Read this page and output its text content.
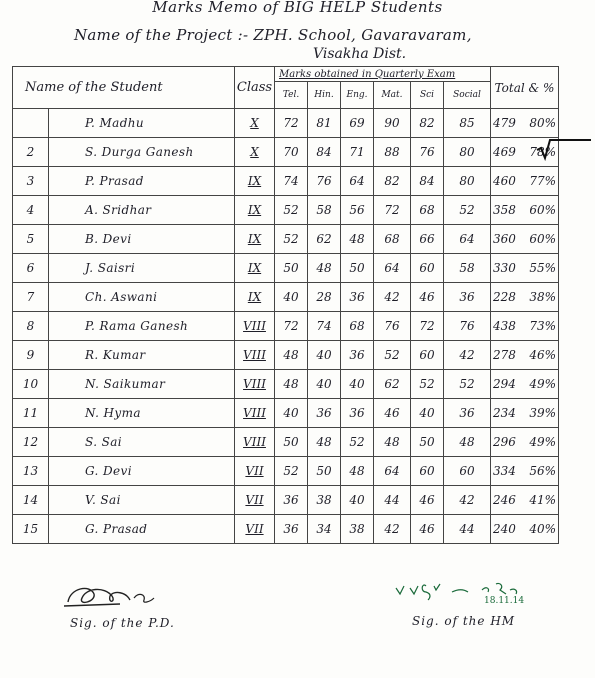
Marks Memo of BIG HELP Students
Name of the Project :- ZPH. School, Gavaravaram,
Visakha Dist.
Name of the Student		Class	Marks obtained in Quarterly Exam						Total & %
			Tel.	Hin.	Eng.	Mat.	Sci	Social	
	P. Madhu	X	72	81	69	90	82	85	479 80%

2	S. Durga Ganesh	X	70	84	71	88	76	80	469 78%

3	P. Prasad	IX	74	76	64	82	84	80	460 77%

4	A. Sridhar	IX	52	58	56	72	68	52	358 60%

5	B. Devi	IX	52	62	48	68	66	64	360 60%

6	J. Saisri	IX	50	48	50	64	60	58	330 55%

7	Ch. Aswani	IX	40	28	36	42	46	36	228 38%

8	P. Rama Ganesh	VIII	72	74	68	76	72	76	438 73%

9	R. Kumar	VIII	48	40	36	52	60	42	278 46%

10	N. Saikumar	VIII	48	40	40	62	52	52	294 49%

11	N. Hyma	VIII	40	36	36	46	40	36	234 39%

12	S. Sai	VIII	50	48	52	48	50	48	296 49%

13	G. Devi	VII	52	50	48	64	60	60	334 56%

14	V. Sai	VII	36	38	40	44	46	42	246 41%

15	G. Prasad	VII	36	34	38	42	46	44	240 40%
Sig. of the P.D.
18.11.14
Sig. of the HM
